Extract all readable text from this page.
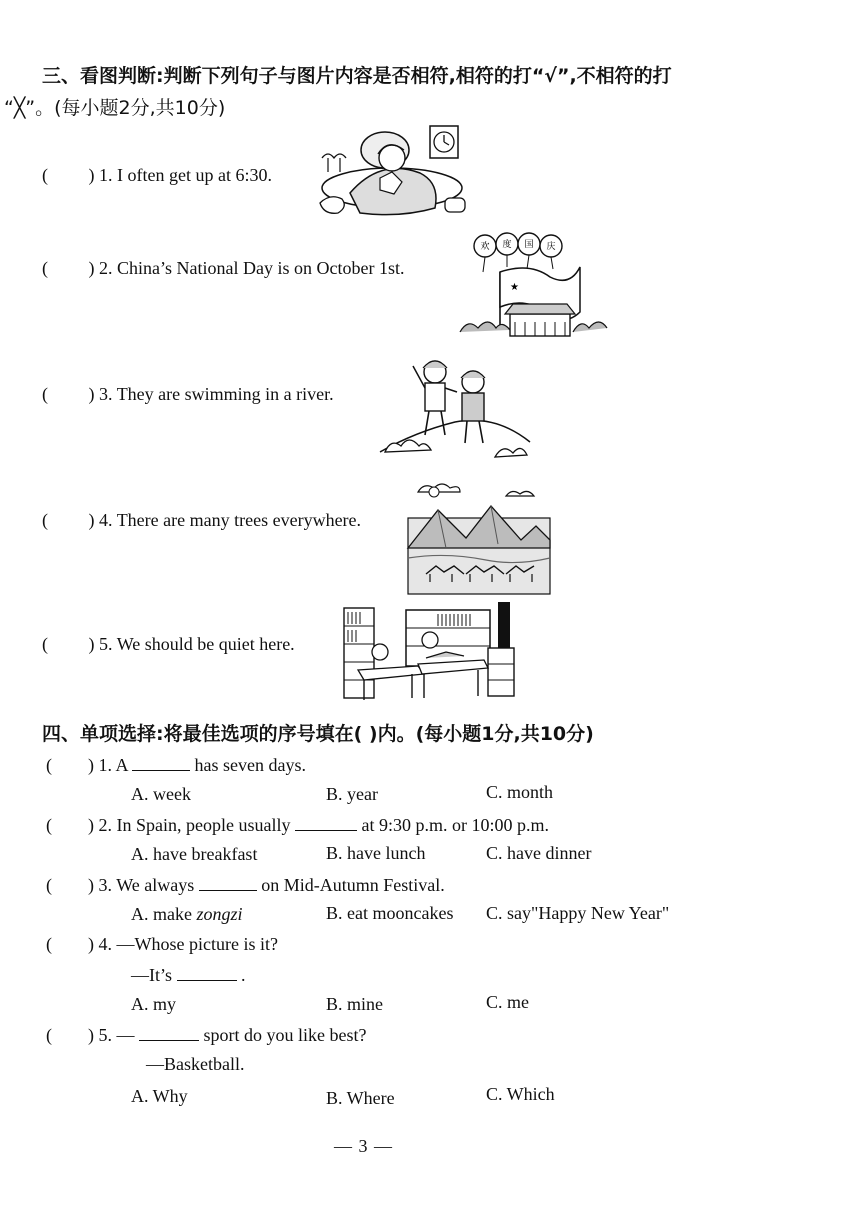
三、看图判断:判断下列句子与图片内容是否相符,相符的打“√”,不相符的打
“╳”。(每小题2分,共10分)
(         ) 1. I often get up at 6:30.
(         ) 2. China’s National Day is on October 1st.
欢 度 国 庆
★
(         ) 3. They are swimming in a river.
(         ) 4. There are many trees everywhere.
(         ) 5. We should be quiet here.
四、单项选择:将最佳选项的序号填在( )内。(每小题1分,共10分)
(        ) 1. A	has seven days.
A. week	B. year	C. month
(        ) 2. In Spain, people usually	at 9:30 p.m. or 10:00 p.m.
A. have breakfast	B. have lunch	C. have dinner
(        ) 3. We always	on Mid-Autumn Festival.
A. make zongzi	B. eat mooncakes C. say"Happy New Year"
(        ) 4. —Whose picture is it?
—It’s	.
A. my	B. mine	C. me
(        ) 5. —	sport do you like best?
—Basketball.
A. Why	B. Where	C. Which
— 3 —
